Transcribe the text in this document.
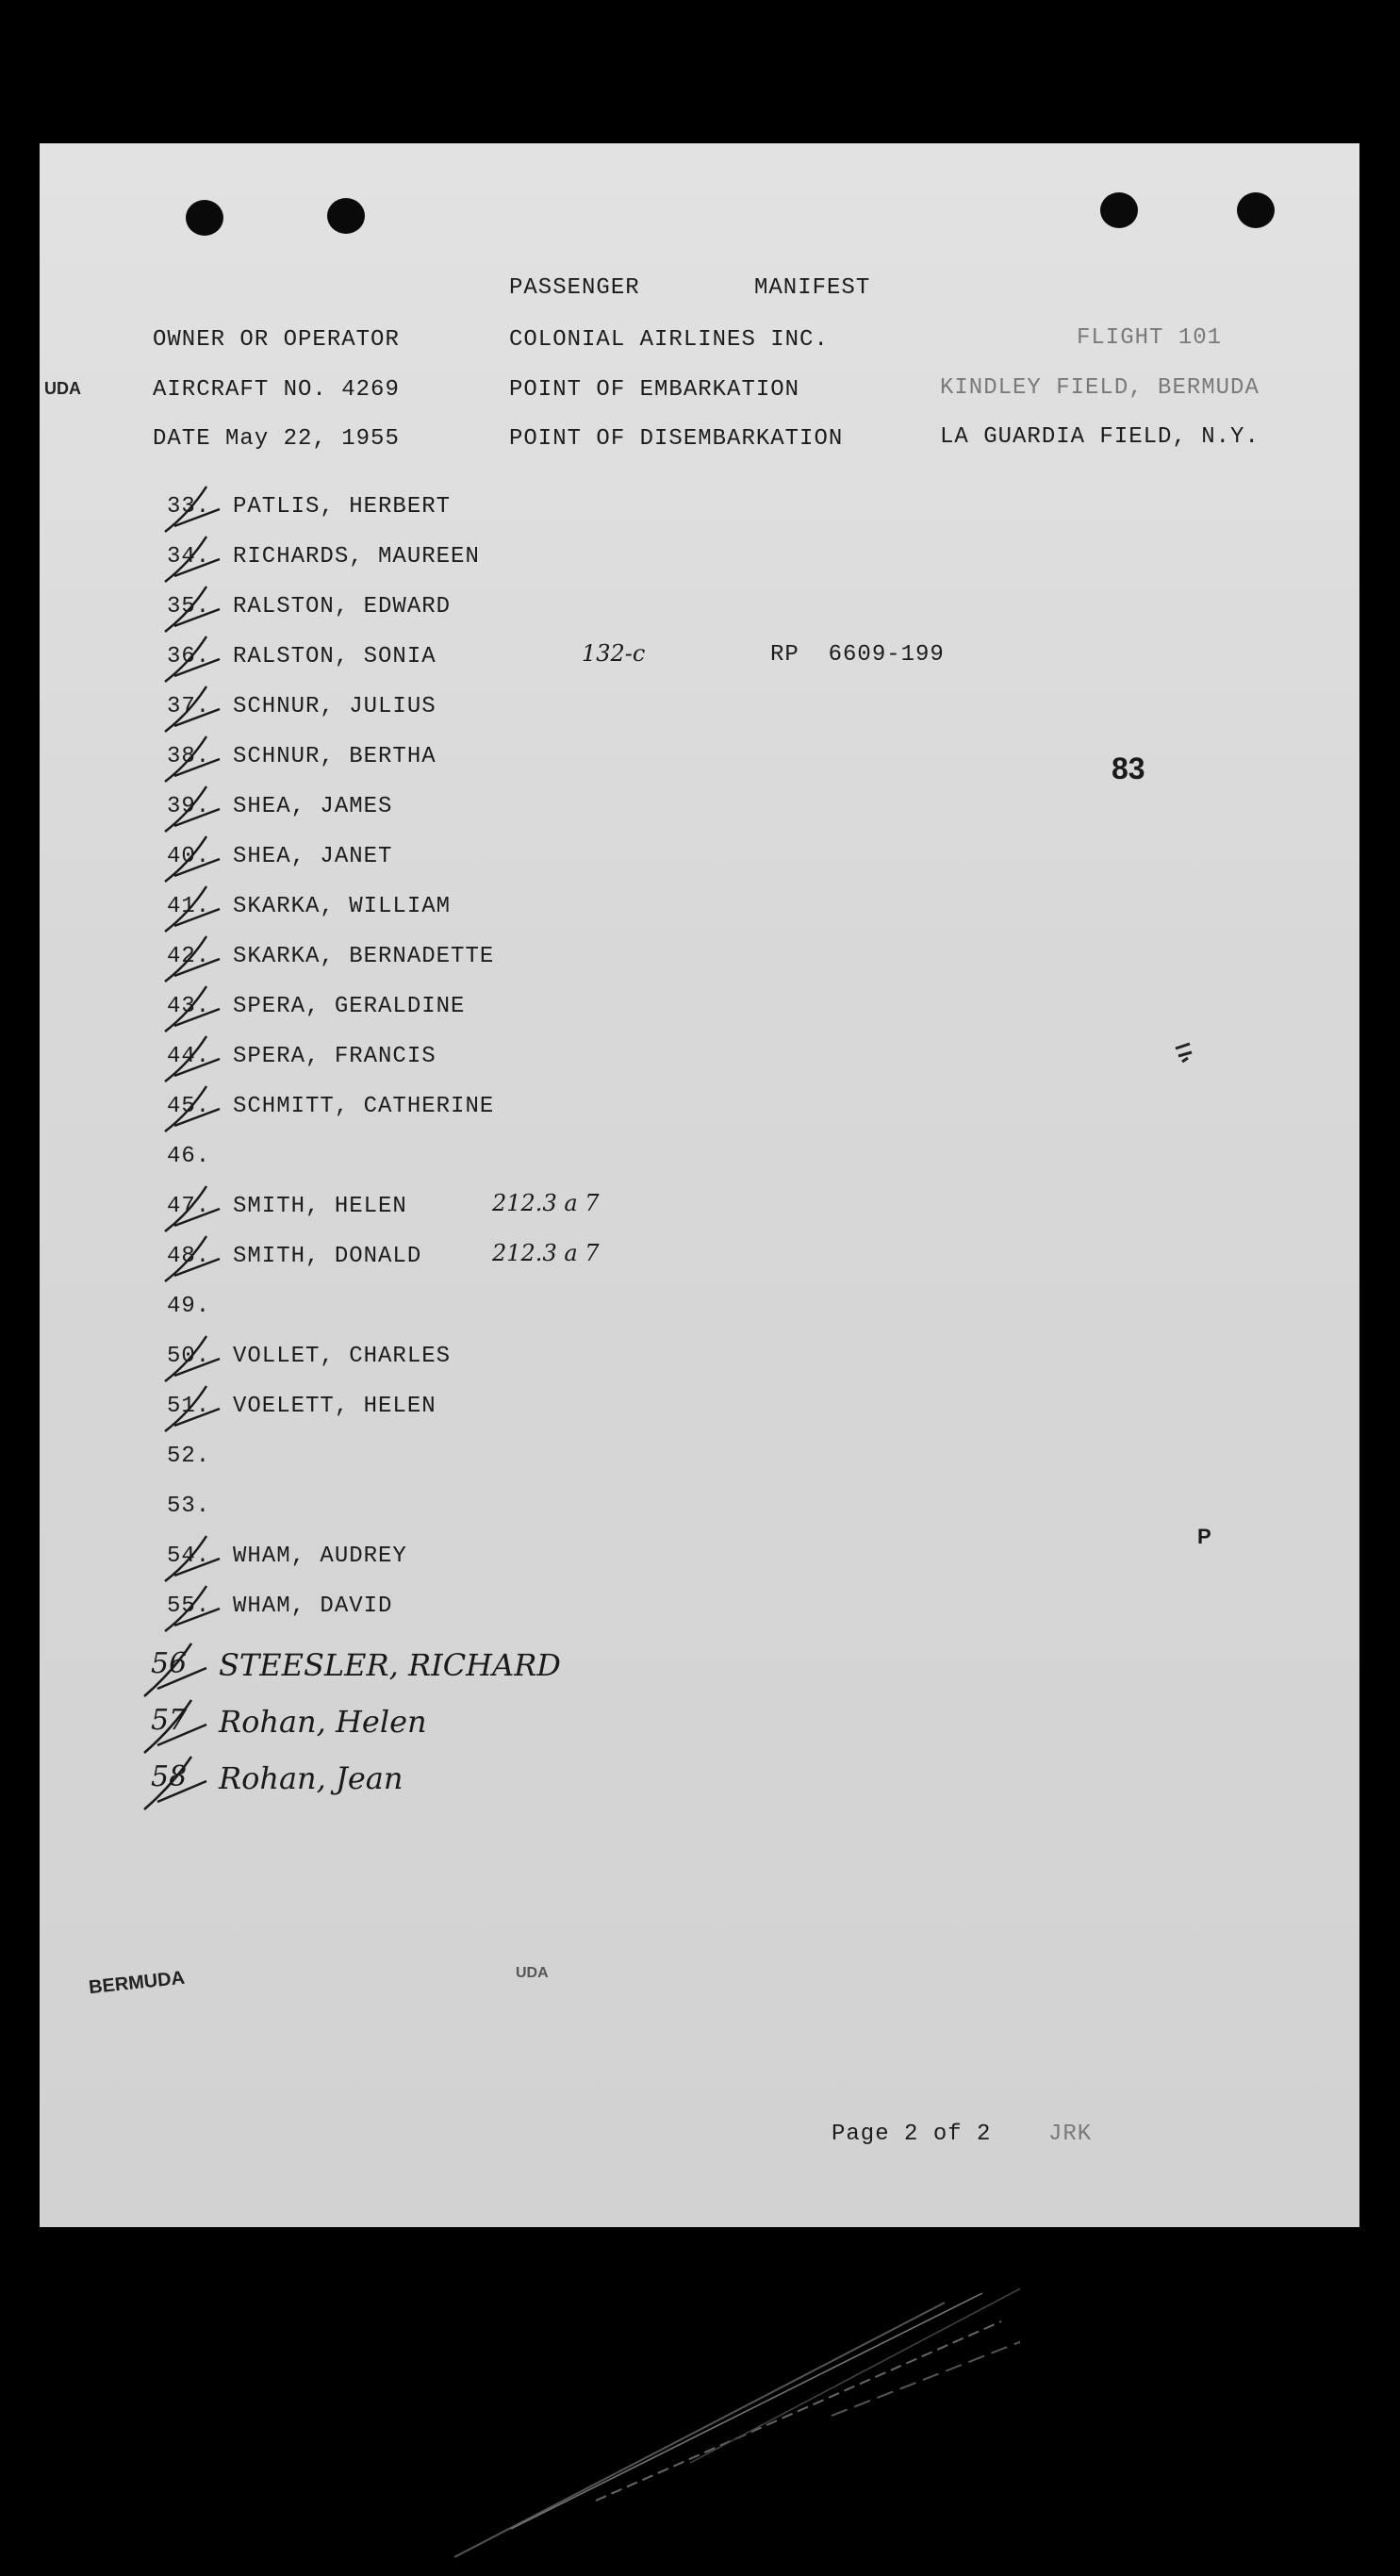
PASSENGER	MANIFEST
OWNER OR OPERATOR	COLONIAL AIRLINES INC.	FLIGHT 101
UDA	AIRCRAFT NO. 4269	POINT OF EMBARKATION	KINDLEY FIELD, BERMUDA
DATE May 22, 1955	POINT OF DISEMBARKATION	LA GUARDIA FIELD, N.Y.
33. PATLIS, HERBERT
34. RICHARDS, MAUREEN
35. RALSTON, EDWARD
36. RALSTON, SONIA	132-c	RP  6609-199
37. SCHNUR, JULIUS
38. SCHNUR, BERTHA
39. SHEA, JAMES
40. SHEA, JANET
41. SKARKA, WILLIAM
42. SKARKA, BERNADETTE
43. SPERA, GERALDINE
44. SPERA, FRANCIS
45. SCHMITT, CATHERINE
46.
47. SMITH, HELEN	212.3 a 7
48. SMITH, DONALD	212.3 a 7
49.
50. VOLLET, CHARLES
51. VOELETT, HELEN
52.
53.
54. WHAM, AUDREY
55. WHAM, DAVID
56 STEESLER, RICHARD
57 Rohan, Helen
58 Rohan, Jean
83
P
BERMUDA	UDA
Page 2 of 2	JRK
